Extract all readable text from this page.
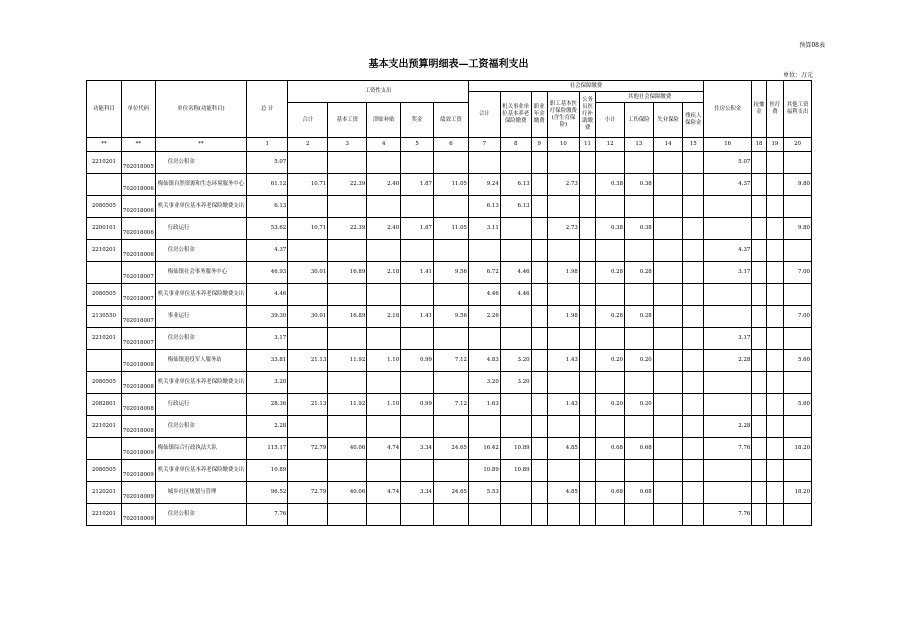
预算08表
基本支出预算明细表—工资福利支出
单位：万元
功能科目	单位代码	单位名称(功能科目)	总 计	工资性支出					社会保障缴费									住房公积金	抚恤金	医疗费	其他工资福利支出
									合计	机关事业单位基本养老保险缴费	职业年金缴费	职工基本医疗保险缴费(含生育保险)	公务员医疗补助缴费	其他社会保障缴费							
				合计	基本工资	津贴补贴	奖金	绩效工资						小计	工伤保险	失业保险	残疾人保险金				
**	**	**	1	2	3	4	5	6	7	8	9	10	11	12	13	14	15	16	18	19	20
2210201	702018005	住房公积金	5.07															5.07			
	702018006	梅仙镇自然资源和生态环境服务中心	61.12	10.71	22.39	2.40	1.87	11.05	9.24	6.13		2.73		0.38	0.38			4.37			9.80
2080505	702018006	机关事业单位基本养老保险缴费支出	6.13						6.13	6.13											
2200101	702018006	行政运行	53.62	10.71	22.39	2.40	1.87	11.05	3.11			2.73		0.38	0.38						9.80
2210201	702018006	住房公积金	4.37															4.37			
	702018007	梅仙镇社会事务服务中心	46.93	30.01	16.89	2.18	1.41	9.56	6.72	4.46		1.98		0.28	0.28			3.17			7.00
2080505	702018007	机关事业单位基本养老保险缴费支出	4.46						4.46	4.46											
2130550	702018007	事业运行	39.30	30.01	16.89	2.18	1.41	9.56	2.26			1.98		0.28	0.28						7.00
2210201	702018007	住房公积金	3.17															3.17			
	702018008	梅仙镇退役军人服务站	33.81	21.13	11.92	1.10	0.99	7.12	4.83	3.20		1.43		0.20	0.20			2.28			5.60
2080505	702018008	机关事业单位基本养老保险缴费支出	3.20						3.20	3.20											
2082801	702018008	行政运行	28.36	21.13	11.92	1.10	0.99	7.12	1.63			1.43		0.20	0.20						5.60
2210201	702018008	住房公积金	2.28															2.28			
	702018009	梅仙镇综合行政执法大队	115.17	72.79	40.06	4.74	3.34	24.65	16.42	10.89		4.85		0.68	0.68			7.76			18.20
2080505	702018009	机关事业单位基本养老保险缴费支出	10.89						10.89	10.89											
2120201	702018009	城乡社区规划与管理	96.52	72.79	40.06	4.74	3.34	24.65	5.53			4.85		0.68	0.68						18.20
2210201	702018009	住房公积金	7.76															7.76			
